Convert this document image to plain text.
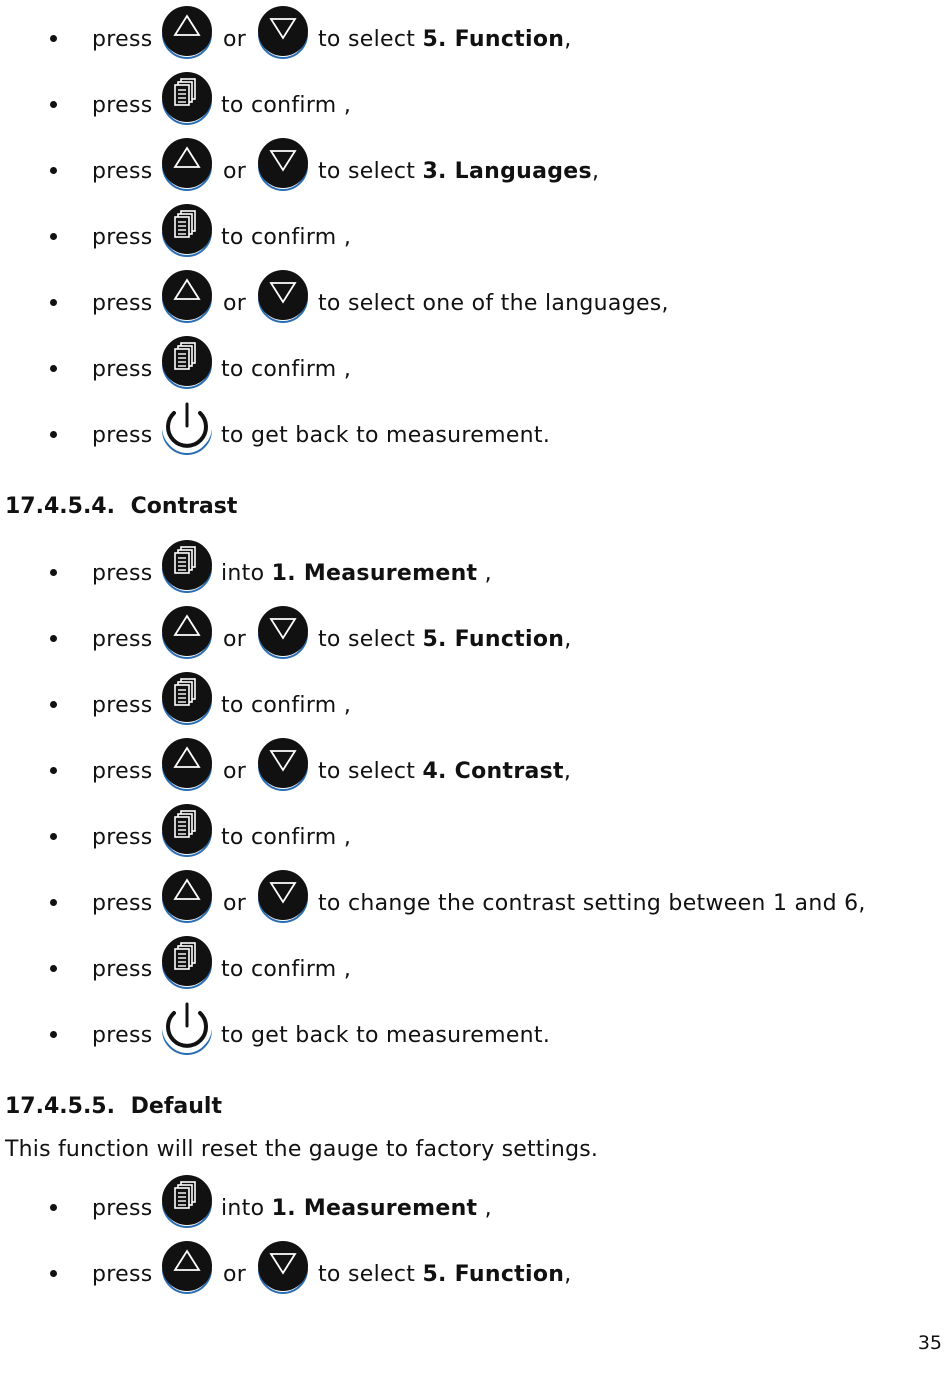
press	or	to select 5. Function,
press	to confirm ,
press	or	to select 3. Languages,
press	to confirm ,
press	or	to select one of the languages,
press	to confirm ,
press	to get back to measurement.
press	into 1. Measurement ,
press	or	to select 5. Function,
press	to confirm ,
press	or	to select 4. Contrast,
press	to confirm ,
press	or	to change the contrast setting between 1 and 6,
press	to confirm ,
press	to get back to measurement.
press	into 1. Measurement ,
press	or	to select 5. Function,
17.4.5.4. Contrast
17.4.5.5. Default
This function will reset the gauge to factory settings.
35
